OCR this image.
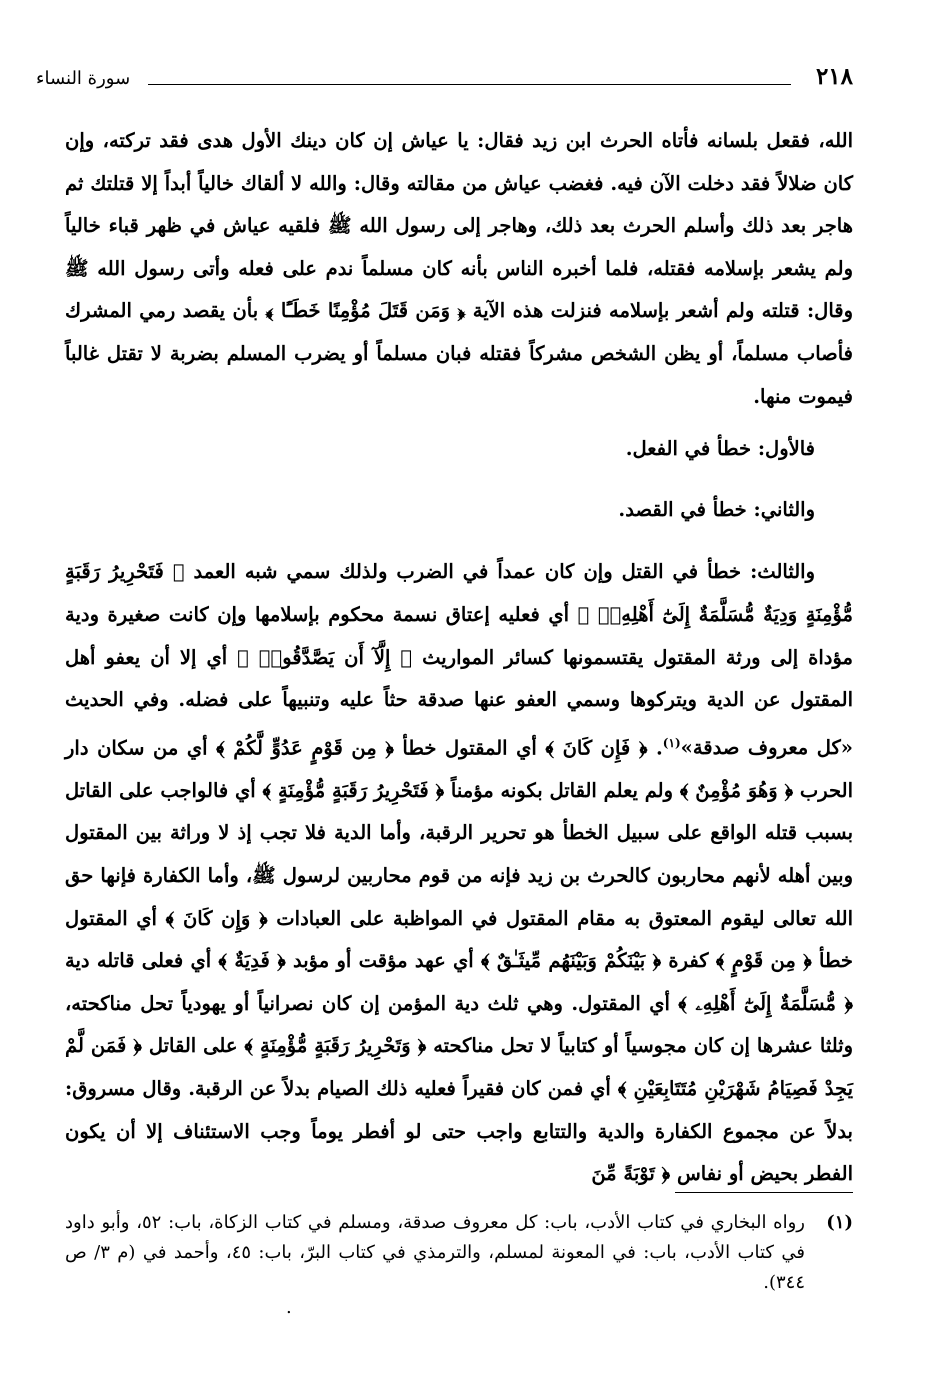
٢١٨
سورة النساء

الله، فقعل بلسانه فأتاه الحرث ابن زيد فقال: يا عياش إن كان دينك الأول هدى فقد تركته، وإن كان ضلالاً فقد دخلت الآن فيه. فغضب عياش من مقالته وقال: والله لا ألقاك خالياً أبداً إلا قتلتك ثم هاجر بعد ذلك وأسلم الحرث بعد ذلك، وهاجر إلى رسول الله ﷺ فلقيه عياش في ظهر قباء خالياً ولم يشعر بإسلامه فقتله، فلما أخبره الناس بأنه كان مسلماً ندم على فعله وأتى رسول الله ﷺ وقال: قتلته ولم أشعر بإسلامه فنزلت هذه الآية ﴿ وَمَن قَتَلَ مُؤْمِنًا خَطَـًٔا ﴾ بأن يقصد رمي المشرك فأصاب مسلماً، أو يظن الشخص مشركاً فقتله فبان مسلماً أو يضرب المسلم بضربة لا تقتل غالباً فيموت منها.

فالأول: خطأ في الفعل.

والثاني: خطأ في القصد.

والثالث: خطأ في القتل وإن كان عمداً في الضرب ولذلك سمي شبه العمد ﴿ فَتَحْرِيرُ رَقَبَةٍ مُّؤْمِنَةٍ وَدِيَةٌ مُّسَلَّمَةٌ إِلَىٰٓ أَهْلِهِۦٓ ﴾ أي فعليه إعتاق نسمة محكوم بإسلامها وإن كانت صغيرة ودية مؤداة إلى ورثة المقتول يقتسمونها كسائر المواريث ﴿ إِلَّآ أَن يَصَّدَّقُوا۟ ﴾ أي إلا أن يعفو أهل المقتول عن الدية ويتركوها وسمي العفو عنها صدقة حثاً عليه وتنبيهاً على فضله. وفي الحديث «كل معروف صدقة»$^{(١)}$. ﴿ فَإِن كَانَ ﴾ أي المقتول خطأ ﴿ مِن قَوْمٍ عَدُوٍّ لَّكُمْ ﴾ أي من سكان دار الحرب ﴿ وَهُوَ مُؤْمِنٌ ﴾ ولم يعلم القاتل بكونه مؤمناً ﴿ فَتَحْرِيرُ رَقَبَةٍ مُّؤْمِنَةٍ ﴾ أي فالواجب على القاتل بسبب قتله الواقع على سبيل الخطأ هو تحرير الرقبة، وأما الدية فلا تجب إذ لا وراثة بين المقتول وبين أهله لأنهم محاربون كالحرث بن زيد فإنه من قوم محاربين لرسول ﷺ، وأما الكفارة فإنها حق الله تعالى ليقوم المعتوق به مقام المقتول في المواظبة على العبادات ﴿ وَإِن كَانَ ﴾ أي المقتول خطأ ﴿ مِن قَوْمٍ ﴾ كفرة ﴿ بَيْنَكُمْ وَبَيْنَهُم مِّيثَـٰقٌ ﴾ أي عهد مؤقت أو مؤبد ﴿ فَدِيَةٌ ﴾ أي فعلى قاتله دية ﴿ مُّسَلَّمَةٌ إِلَىٰٓ أَهْلِهِۦ ﴾ أي المقتول. وهي ثلث دية المؤمن إن كان نصرانياً أو يهودياً تحل مناكحته، وثلثا عشرها إن كان مجوسياً أو كتابياً لا تحل مناكحته ﴿ وَتَحْرِيرُ رَقَبَةٍ مُّؤْمِنَةٍ ﴾ على القاتل ﴿ فَمَن لَّمْ يَجِدْ فَصِيَامُ شَهْرَيْنِ مُتَتَابِعَيْنِ ﴾ أي فمن كان فقيراً فعليه ذلك الصيام بدلاً عن الرقبة. وقال مسروق: بدلاً عن مجموع الكفارة والدية والتتابع واجب حتى لو أفطر يوماً وجب الاستئناف إلا أن يكون الفطر بحيض أو نفاس ﴿ تَوْبَةً مِّنَ

(١)
رواه البخاري في كتاب الأدب، باب: كل معروف صدقة، ومسلم في كتاب الزكاة، باب: ٥٢، وأبو داود في كتاب الأدب، باب: في المعونة لمسلم، والترمذي في كتاب البرّ، باب: ٤٥، وأحمد في (م ٣/ ص ٣٤٤).
.
